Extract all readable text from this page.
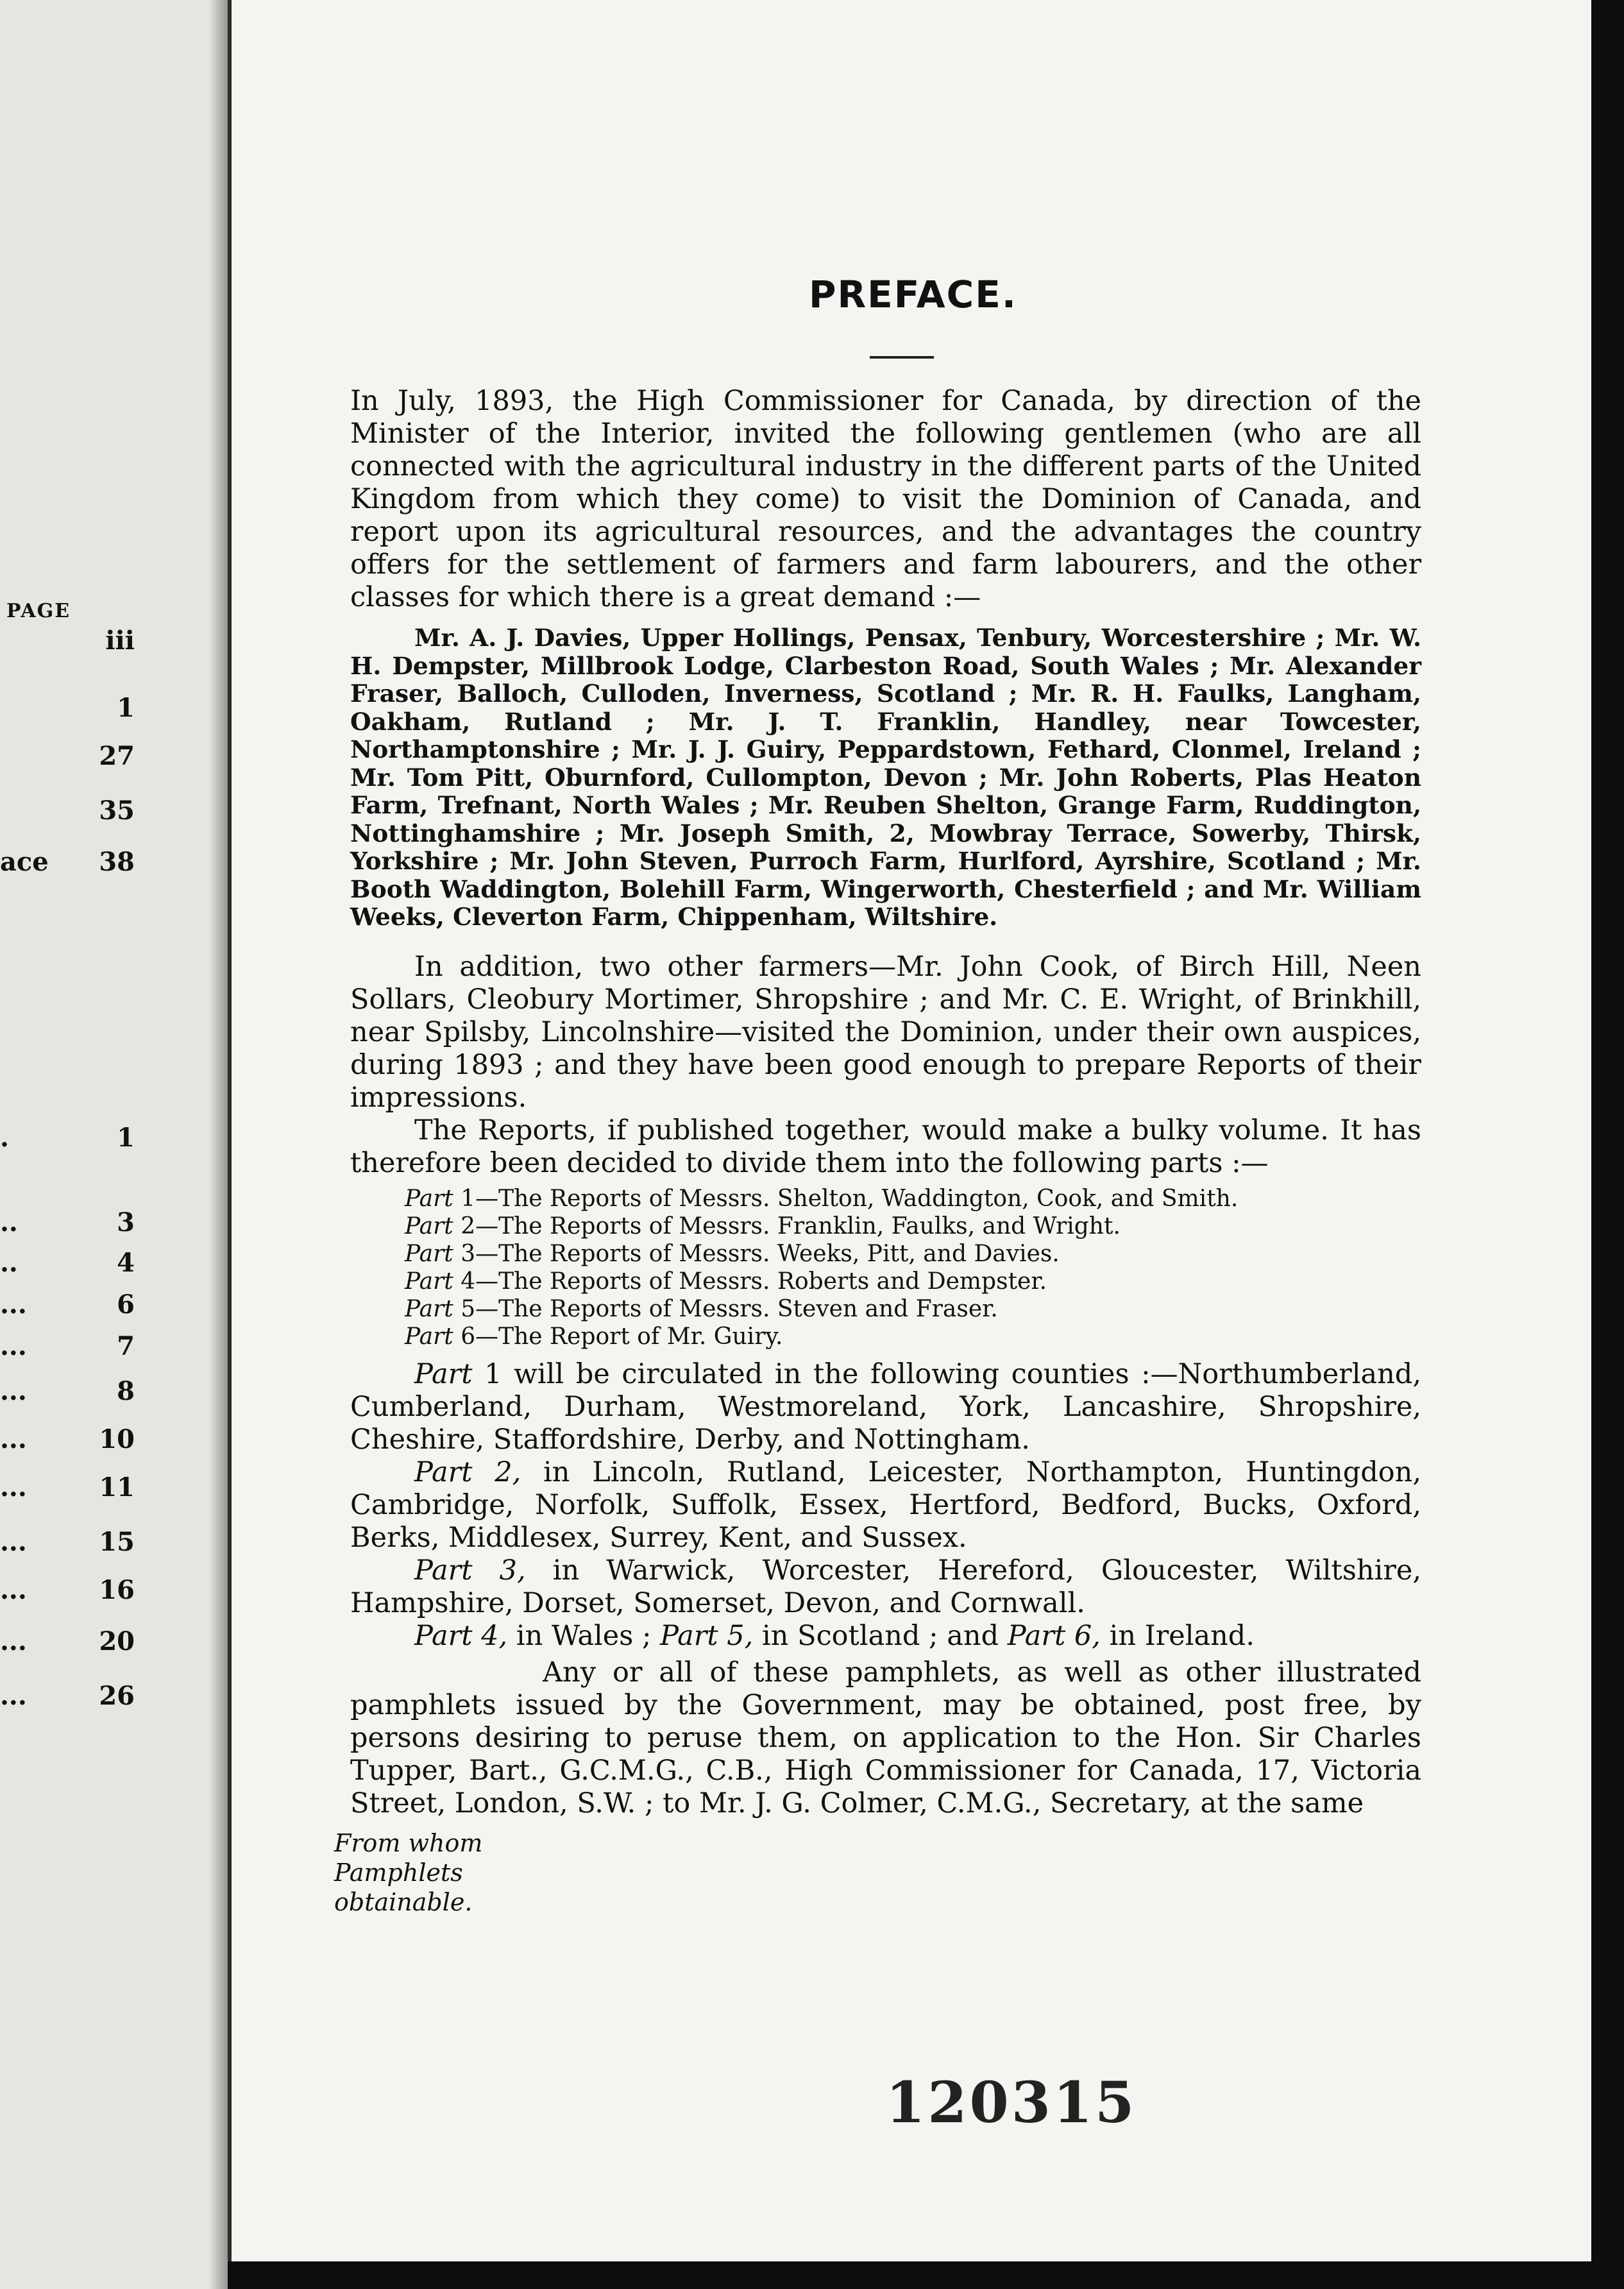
PAGE
iii
1
27
35
ace 38
.	1
..	3
..	4
...	6
...	7
...	8
...	10
...	11
...	15
...	16
...	20
...	26
PREFACE.

In July, 1893, the High Commissioner for Canada, by direction of the Minister of the Interior, invited the following gentlemen (who are all connected with the agricultural industry in the different parts of the United Kingdom from which they come) to visit the Dominion of Canada, and report upon its agricultural resources, and the advantages the country offers for the settlement of farmers and farm labourers, and the other classes for which there is a great demand :—

Mr. A. J. Davies, Upper Hollings, Pensax, Tenbury, Worcestershire ; Mr. W. H. Dempster, Millbrook Lodge, Clarbeston Road, South Wales ; Mr. Alexander Fraser, Balloch, Culloden, Inverness, Scotland ; Mr. R. H. Faulks, Langham, Oakham, Rutland ; Mr. J. T. Franklin, Handley, near Towcester, Northamptonshire ; Mr. J. J. Guiry, Peppardstown, Fethard, Clonmel, Ireland ; Mr. Tom Pitt, Oburnford, Cullompton, Devon ; Mr. John Roberts, Plas Heaton Farm, Trefnant, North Wales ; Mr. Reuben Shelton, Grange Farm, Ruddington, Nottinghamshire ; Mr. Joseph Smith, 2, Mowbray Terrace, Sowerby, Thirsk, Yorkshire ; Mr. John Steven, Purroch Farm, Hurlford, Ayrshire, Scotland ; Mr. Booth Waddington, Bolehill Farm, Wingerworth, Chesterfield ; and Mr. William Weeks, Cleverton Farm, Chippenham, Wiltshire.

In addition, two other farmers—Mr. John Cook, of Birch Hill, Neen Sollars, Cleobury Mortimer, Shropshire ; and Mr. C. E. Wright, of Brinkhill, near Spilsby, Lincolnshire—visited the Dominion, under their own auspices, during 1893 ; and they have been good enough to prepare Reports of their impressions.

The Reports, if published together, would make a bulky volume. It has therefore been decided to divide them into the following parts :—

Part 1—The Reports of Messrs. Shelton, Waddington, Cook, and Smith.
Part 2—The Reports of Messrs. Franklin, Faulks, and Wright.
Part 3—The Reports of Messrs. Weeks, Pitt, and Davies.
Part 4—The Reports of Messrs. Roberts and Dempster.
Part 5—The Reports of Messrs. Steven and Fraser.
Part 6—The Report of Mr. Guiry.

Part 1 will be circulated in the following counties :—Northumberland, Cumberland, Durham, Westmoreland, York, Lancashire, Shropshire, Cheshire, Staffordshire, Derby, and Nottingham.

Part 2, in Lincoln, Rutland, Leicester, Northampton, Huntingdon, Cambridge, Norfolk, Suffolk, Essex, Hertford, Bedford, Bucks, Oxford, Berks, Middlesex, Surrey, Kent, and Sussex.

Part 3, in Warwick, Worcester, Hereford, Gloucester, Wiltshire, Hampshire, Dorset, Somerset, Devon, and Cornwall.

Part 4, in Wales ; Part 5, in Scotland ; and Part 6, in Ireland.

Any or all of these pamphlets, as well as other illustrated pamphlets issued by the Government, may be obtained, post free, by persons desiring to peruse them, on application to the Hon. Sir Charles Tupper, Bart., G.C.M.G., C.B., High Commissioner for Canada, 17, Victoria Street, London, S.W. ; to Mr. J. G. Colmer, C.M.G., Secretary, at the same

From whom Pamphlets obtainable.
120315
